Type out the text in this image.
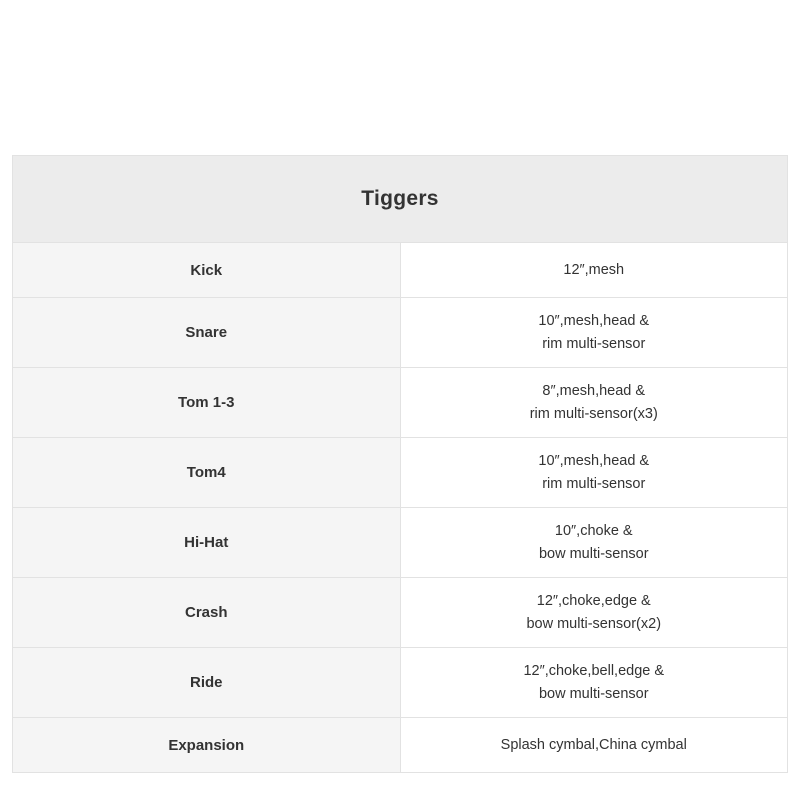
Tiggers	
Kick	12″,mesh

Snare	10″,mesh,head &
rim multi-sensor

Tom 1-3	8″,mesh,head &
rim multi-sensor(x3)

Tom4	10″,mesh,head &
rim multi-sensor

Hi-Hat	10″,choke &
bow multi-sensor

Crash	12″,choke,edge &
bow multi-sensor(x2)

Ride	12″,choke,bell,edge &
bow multi-sensor

Expansion	Splash cymbal,China cymbal
